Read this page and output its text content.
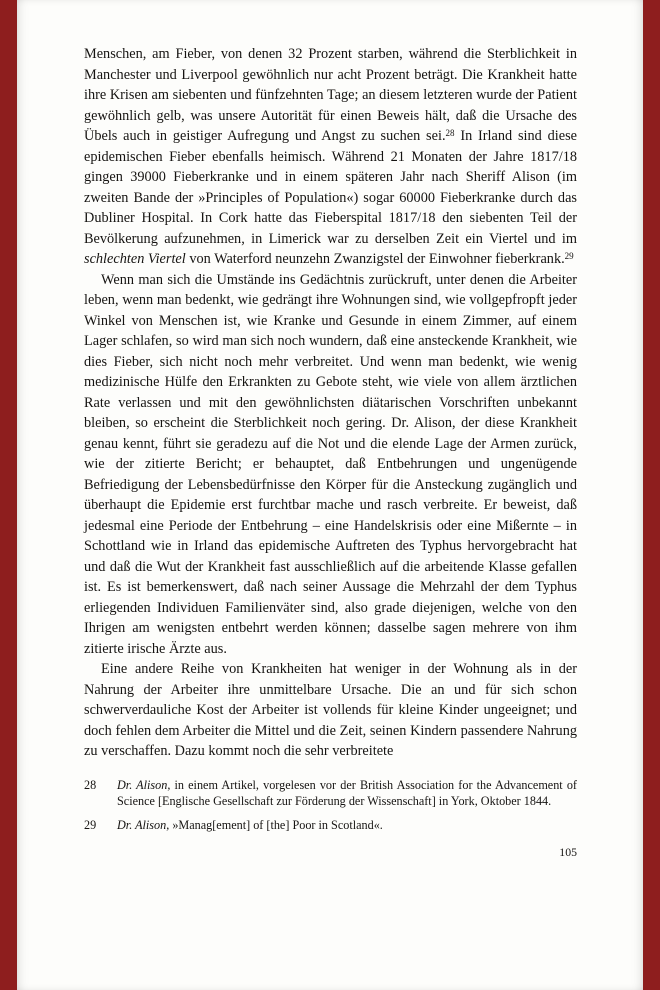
Menschen, am Fieber, von denen 32 Prozent starben, während die Sterblichkeit in Manchester und Liverpool gewöhnlich nur acht Prozent beträgt. Die Krankheit hatte ihre Krisen am siebenten und fünfzehnten Tage; an diesem letzteren wurde der Patient gewöhnlich gelb, was unsere Autorität für einen Beweis hält, daß die Ursache des Übels auch in geistiger Aufregung und Angst zu suchen sei.$^{28}$ In Irland sind diese epidemischen Fieber ebenfalls heimisch. Während 21 Monaten der Jahre 1817/18 gingen 39000 Fieberkranke und in einem späteren Jahr nach Sheriff Alison (im zweiten Bande der »Principles of Population«) sogar 60000 Fieberkranke durch das Dubliner Hospital. In Cork hatte das Fieberspital 1817/18 den siebenten Teil der Bevölkerung aufzunehmen, in Limerick war zu derselben Zeit ein Viertel und im schlechten Viertel von Waterford neunzehn Zwanzigstel der Einwohner fieberkrank.$^{29}$

Wenn man sich die Umstände ins Gedächtnis zurückruft, unter denen die Arbeiter leben, wenn man bedenkt, wie gedrängt ihre Wohnungen sind, wie vollgepfropft jeder Winkel von Menschen ist, wie Kranke und Gesunde in einem Zimmer, auf einem Lager schlafen, so wird man sich noch wundern, daß eine ansteckende Krankheit, wie dies Fieber, sich nicht noch mehr verbreitet. Und wenn man bedenkt, wie wenig medizinische Hülfe den Erkrankten zu Gebote steht, wie viele von allem ärztlichen Rate verlassen und mit den gewöhnlichsten diätarischen Vorschriften unbekannt bleiben, so erscheint die Sterblichkeit noch gering. Dr. Alison, der diese Krankheit genau kennt, führt sie geradezu auf die Not und die elende Lage der Armen zurück, wie der zitierte Bericht; er behauptet, daß Entbehrungen und ungenügende Befriedigung der Lebensbedürfnisse den Körper für die Ansteckung zugänglich und überhaupt die Epidemie erst furchtbar mache und rasch verbreite. Er beweist, daß jedesmal eine Periode der Entbehrung – eine Handelskrisis oder eine Mißernte – in Schottland wie in Irland das epidemische Auftreten des Typhus hervorgebracht hat und daß die Wut der Krankheit fast ausschließlich auf die arbeitende Klasse gefallen ist. Es ist bemerkenswert, daß nach seiner Aussage die Mehrzahl der dem Typhus erliegenden Individuen Familienväter sind, also grade diejenigen, welche von den Ihrigen am wenigsten entbehrt werden können; dasselbe sagen mehrere von ihm zitierte irische Ärzte aus.

Eine andere Reihe von Krankheiten hat weniger in der Wohnung als in der Nahrung der Arbeiter ihre unmittelbare Ursache. Die an und für sich schon schwerverdauliche Kost der Arbeiter ist vollends für kleine Kinder ungeeignet; und doch fehlen dem Arbeiter die Mittel und die Zeit, seinen Kindern passendere Nahrung zu verschaffen. Dazu kommt noch die sehr verbreitete

28 Dr. Alison, in einem Artikel, vorgelesen vor der British Association for the Advancement of Science [Englische Gesellschaft zur Förderung der Wissenschaft] in York, Oktober 1844.
29 Dr. Alison, »Manag[ement] of [the] Poor in Scotland«.
105
